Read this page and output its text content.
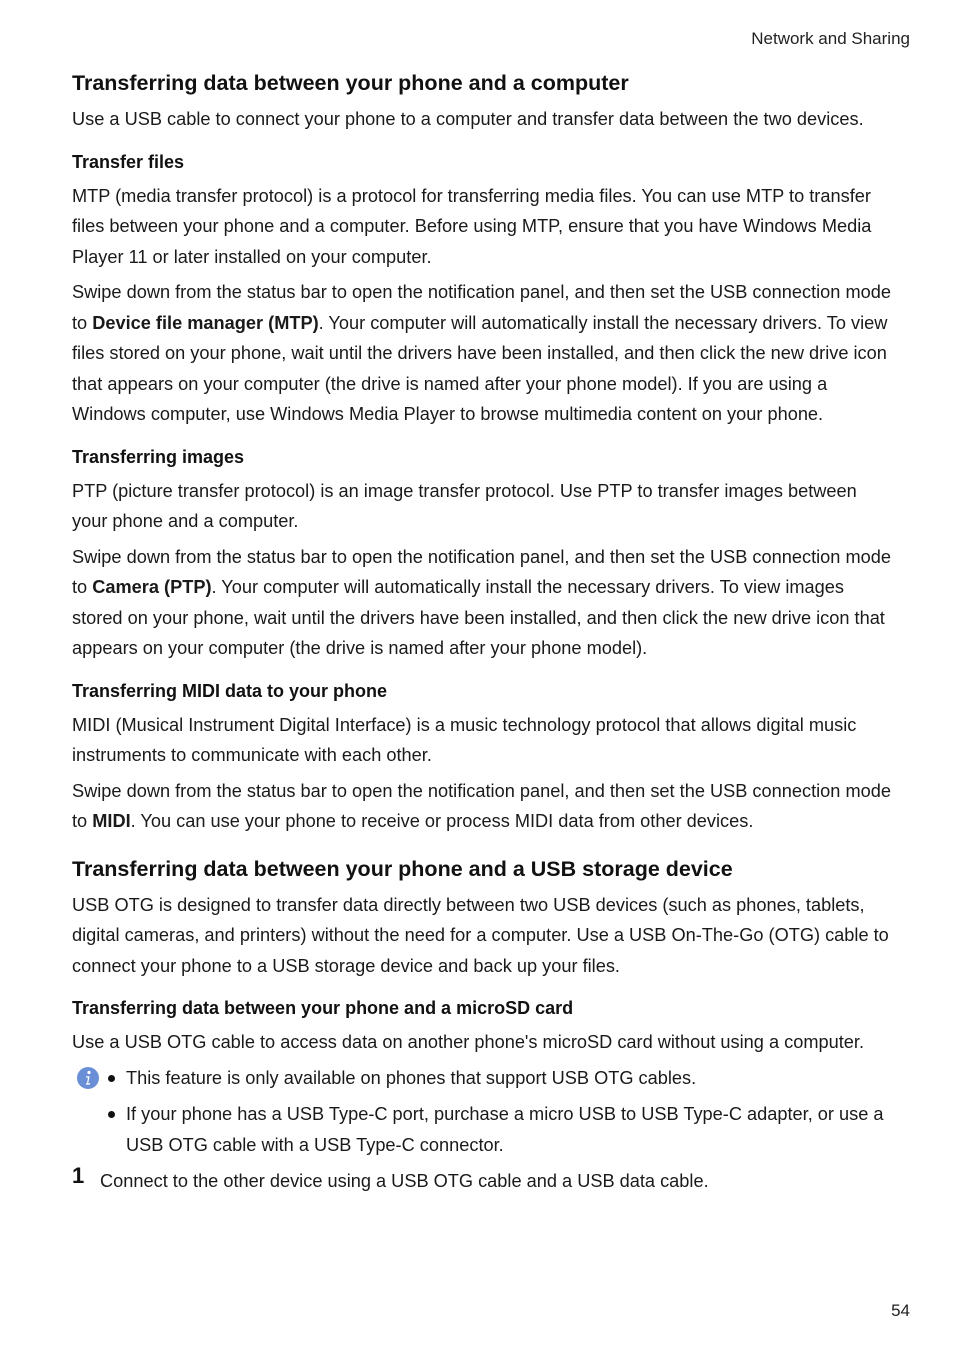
Network and Sharing
Transferring data between your phone and a computer

Use a USB cable to connect your phone to a computer and transfer data between the two devices.

Transfer files

MTP (media transfer protocol) is a protocol for transferring media files. You can use MTP to transfer files between your phone and a computer. Before using MTP, ensure that you have Windows Media Player 11 or later installed on your computer.

Swipe down from the status bar to open the notification panel, and then set the USB connection mode to Device file manager (MTP). Your computer will automatically install the necessary drivers. To view files stored on your phone, wait until the drivers have been installed, and then click the new drive icon that appears on your computer (the drive is named after your phone model). If you are using a Windows computer, use Windows Media Player to browse multimedia content on your phone.

Transferring images

PTP (picture transfer protocol) is an image transfer protocol. Use PTP to transfer images between your phone and a computer.

Swipe down from the status bar to open the notification panel, and then set the USB connection mode to Camera (PTP). Your computer will automatically install the necessary drivers. To view images stored on your phone, wait until the drivers have been installed, and then click the new drive icon that appears on your computer (the drive is named after your phone model).

Transferring MIDI data to your phone

MIDI (Musical Instrument Digital Interface) is a music technology protocol that allows digital music instruments to communicate with each other.

Swipe down from the status bar to open the notification panel, and then set the USB connection mode to MIDI. You can use your phone to receive or process MIDI data from other devices.

Transferring data between your phone and a USB storage device

USB OTG is designed to transfer data directly between two USB devices (such as phones, tablets, digital cameras, and printers) without the need for a computer. Use a USB On-The-Go (OTG) cable to connect your phone to a USB storage device and back up your files.

Transferring data between your phone and a microSD card

Use a USB OTG cable to access data on another phone's microSD card without using a computer.

This feature is only available on phones that support USB OTG cables.
If your phone has a USB Type-C port, purchase a micro USB to USB Type-C adapter, or use a USB OTG cable with a USB Type-C connector.
1 Connect to the other device using a USB OTG cable and a USB data cable.
54
